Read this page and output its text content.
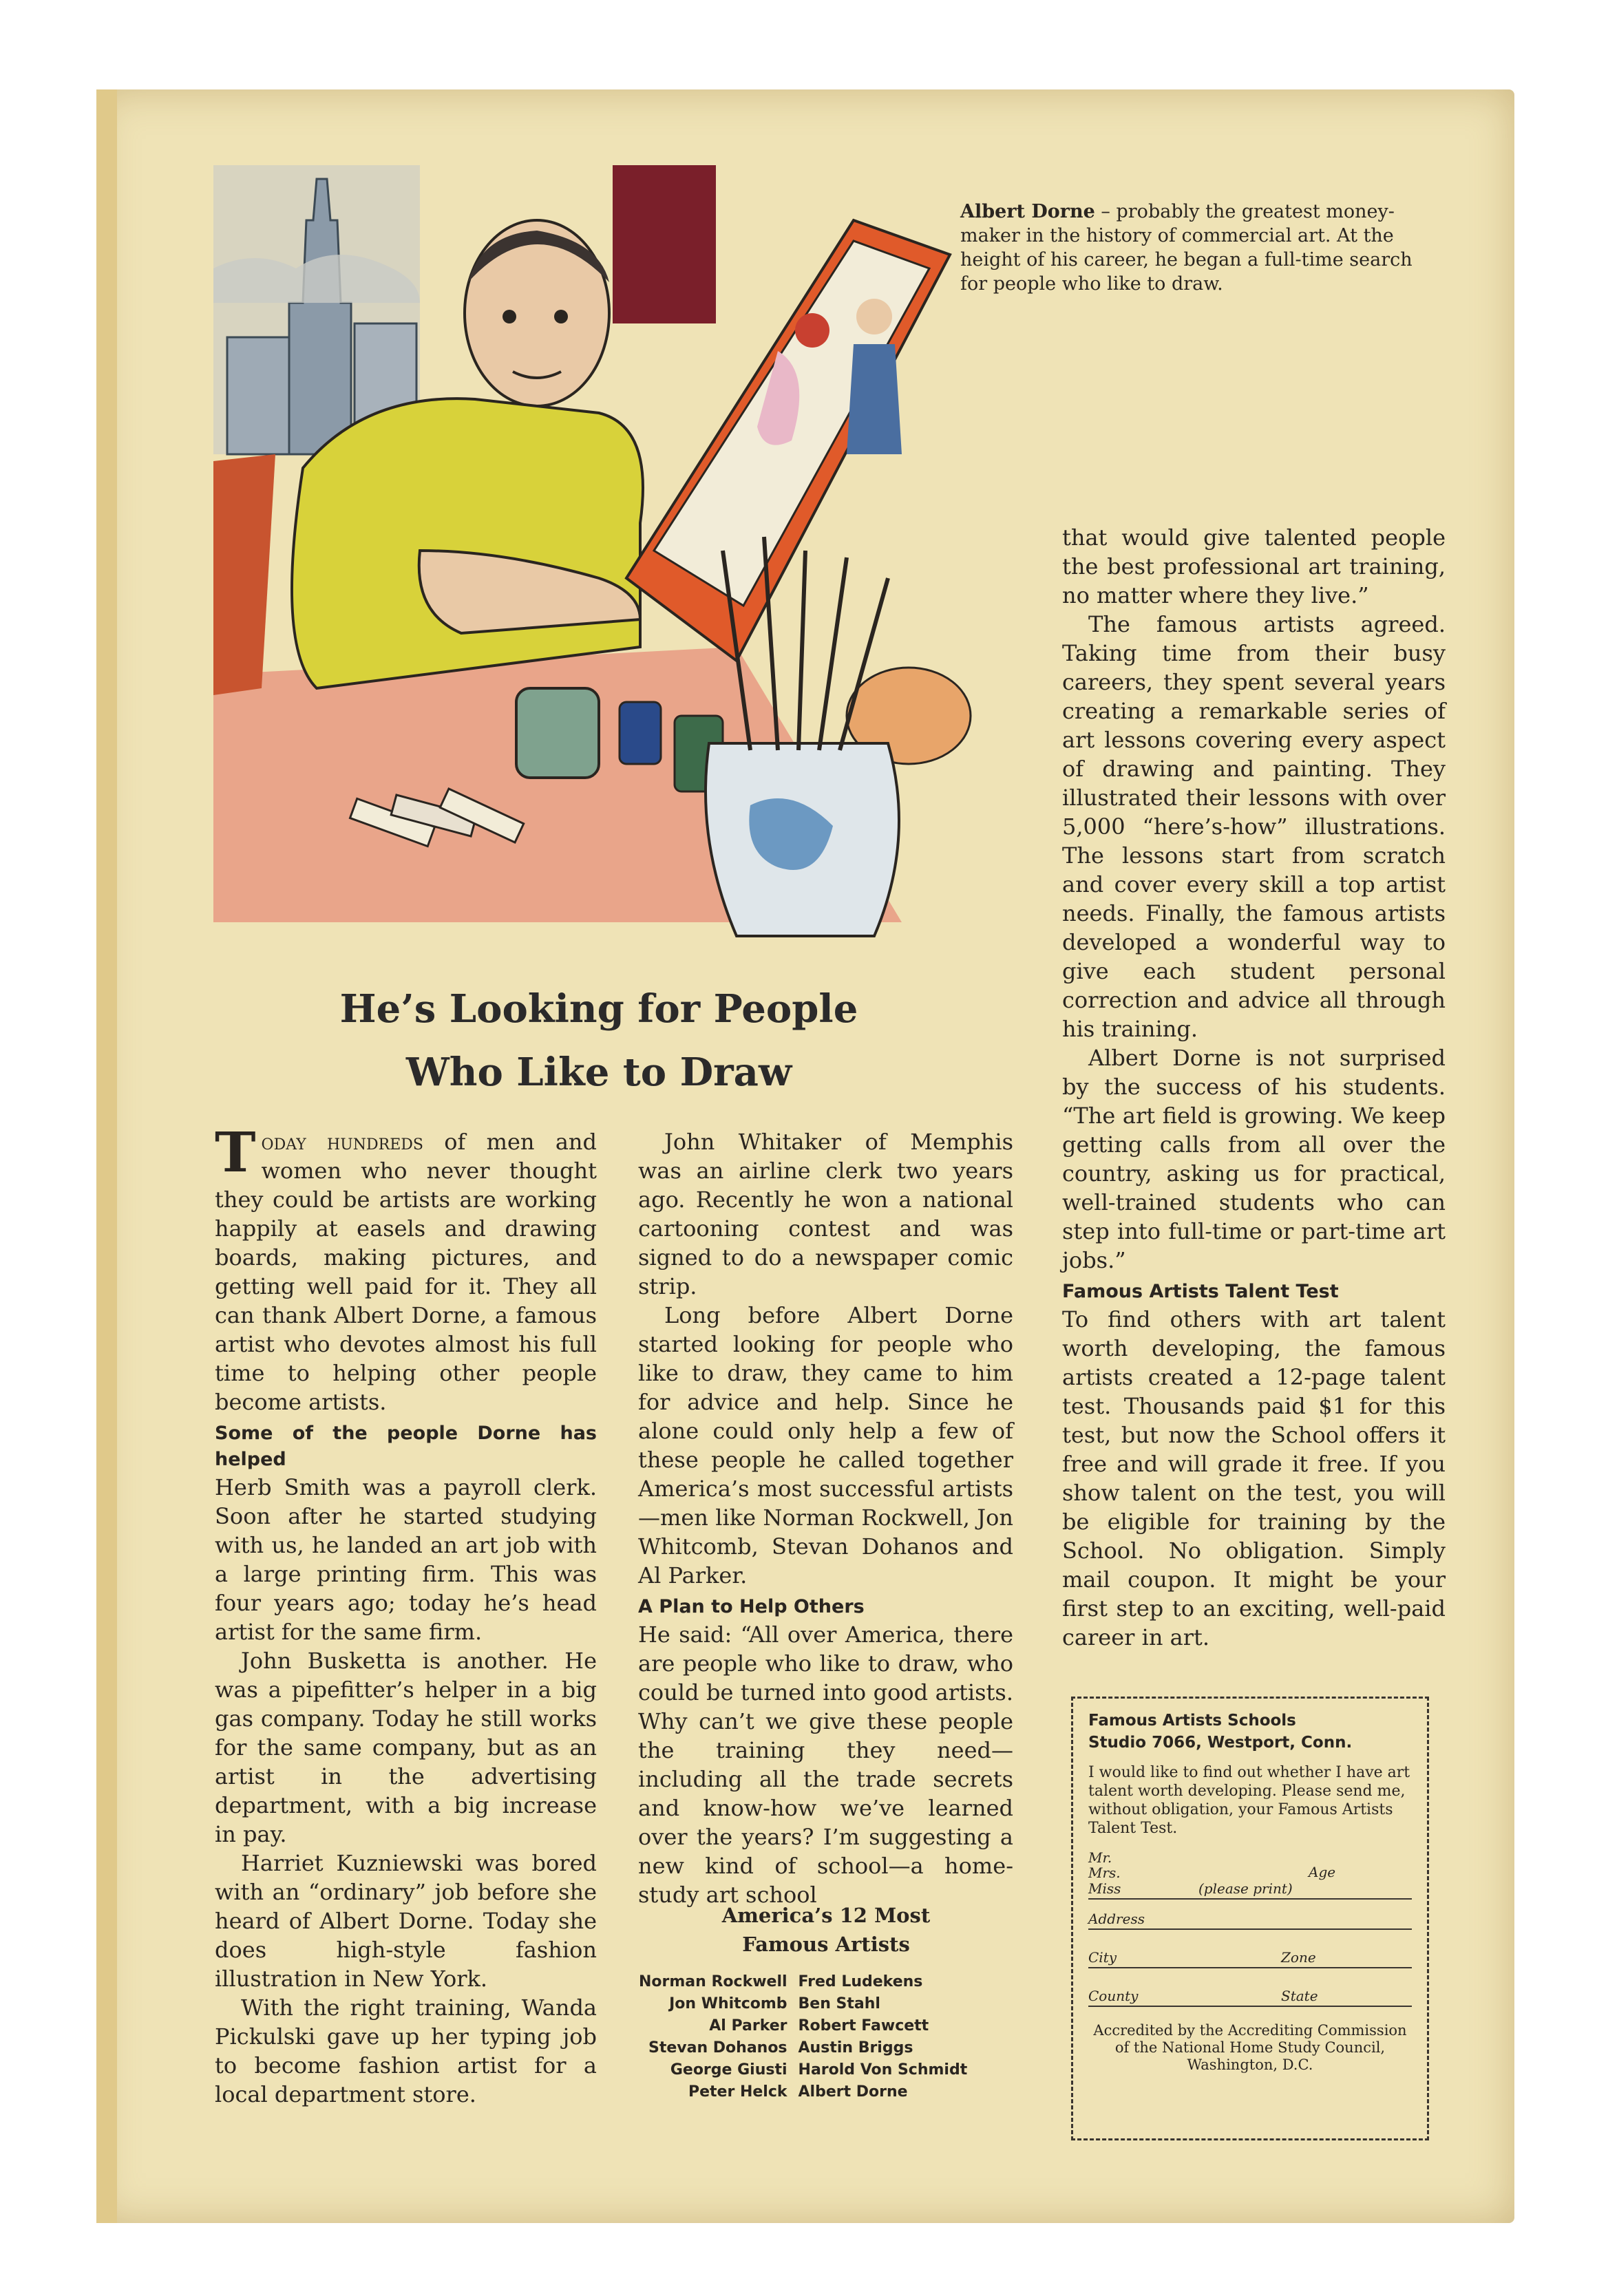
Albert Dorne – probably the greatest money-maker in the history of commercial art. At the height of his career, he began a full-time search for people who like to draw.
He’s Looking for People
Who Like to Draw

Today hundreds of men and women who never thought they could be artists are working happily at easels and drawing boards, making pictures, and getting well paid for it. They all can thank Albert Dorne, a famous artist who devotes almost his full time to helping other people become artists.

Some of the people Dorne has helped

Herb Smith was a payroll clerk. Soon after he started studying with us, he landed an art job with a large printing firm. This was four years ago; today he’s head artist for the same firm.

John Busketta is another. He was a pipefitter’s helper in a big gas company. Today he still works for the same company, but as an artist in the advertising department, with a big increase in pay.

Harriet Kuzniewski was bored with an “ordinary” job before she heard of Albert Dorne. Today she does high-style fashion illustration in New York.

With the right training, Wanda Pickulski gave up her typing job to become fashion artist for a local department store.

John Whitaker of Memphis was an airline clerk two years ago. Recently he won a national cartooning contest and was signed to do a newspaper comic strip.

Long before Albert Dorne started looking for people who like to draw, they came to him for advice and help. Since he alone could only help a few of these people he called together America’s most successful artists —men like Norman Rockwell, Jon Whitcomb, Stevan Dohanos and Al Parker.

A Plan to Help Others

He said: “All over America, there are people who like to draw, who could be turned into good artists. Why can’t we give these people the training they need—including all the trade secrets and know-how we’ve learned over the years? I’m suggesting a new kind of school—a home-study art school

that would give talented people the best professional art training, no matter where they live.”

The famous artists agreed. Taking time from their busy careers, they spent several years creating a remarkable series of art lessons covering every aspect of drawing and painting. They illustrated their lessons with over 5,000 “here’s-how” illustrations. The lessons start from scratch and cover every skill a top artist needs. Finally, the famous artists developed a wonderful way to give each student personal correction and advice all through his training.

Albert Dorne is not surprised by the success of his students. “The art field is growing. We keep getting calls from all over the country, asking us for practical, well-trained students who can step into full-time or part-time art jobs.”

Famous Artists Talent Test

To find others with art talent worth developing, the famous artists created a 12-page talent test. Thousands paid $1 for this test, but now the School offers it free and will grade it free. If you show talent on the test, you will be eligible for training by the School. No obligation. Simply mail coupon. It might be your first step to an exciting, well-paid career in art.

America’s 12 Most
Famous Artists
Norman Rockwell	Fred Ludekens
Jon Whitcomb	Ben Stahl
Al Parker	Robert Fawcett
Stevan Dohanos	Austin Briggs
George Giusti	Harold Von Schmidt
Peter Helck	Albert Dorne
Famous Artists Schools
Studio 7066, Westport, Conn.
I would like to find out whether I have art talent worth developing. Please send me, without obligation, your Famous Artists Talent Test.
Mr.
Mrs.
Miss	(please print)
Age
Address
City	Zone
County	State
Accredited by the Accrediting Commission of the National Home Study Council, Washington, D.C.
